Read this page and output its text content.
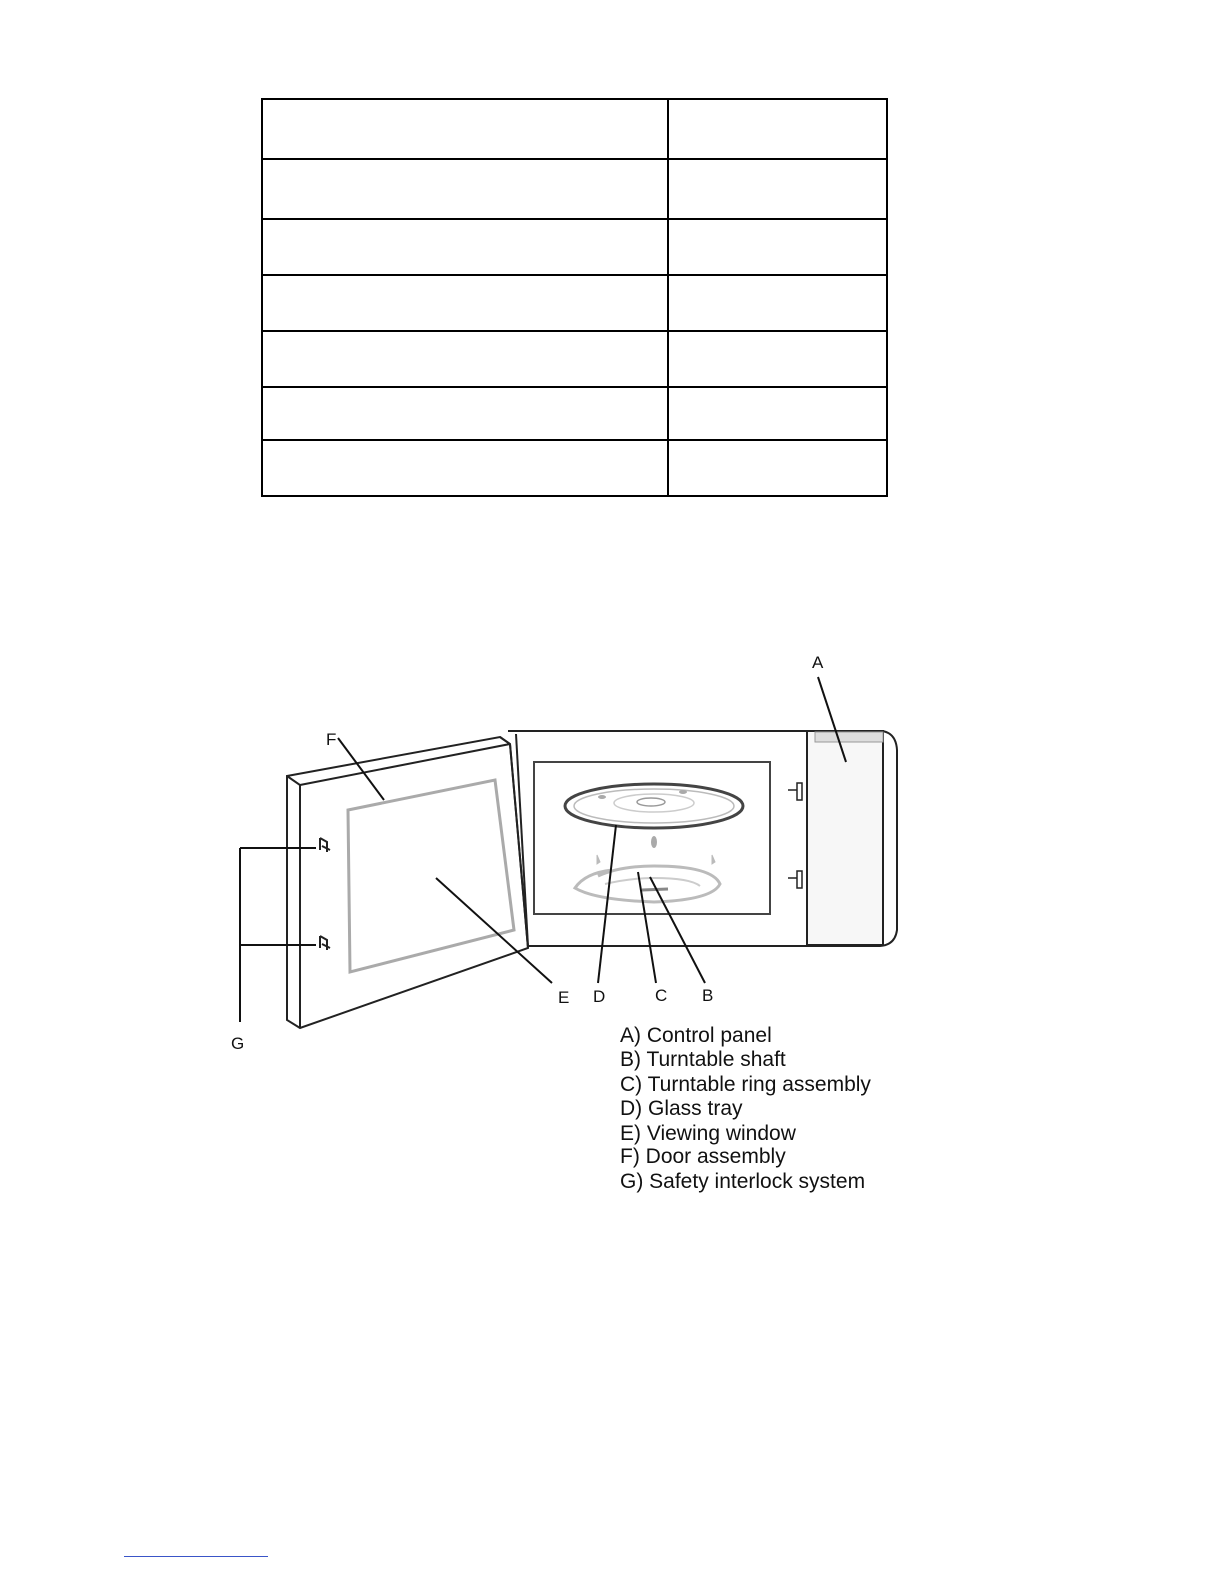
A
F
E D	C B
G	A) Control panel
B) Turntable shaft
C) Turntable ring assembly
D) Glass tray
E) Viewing window
F) Door assembly
G) Safety interlock system
